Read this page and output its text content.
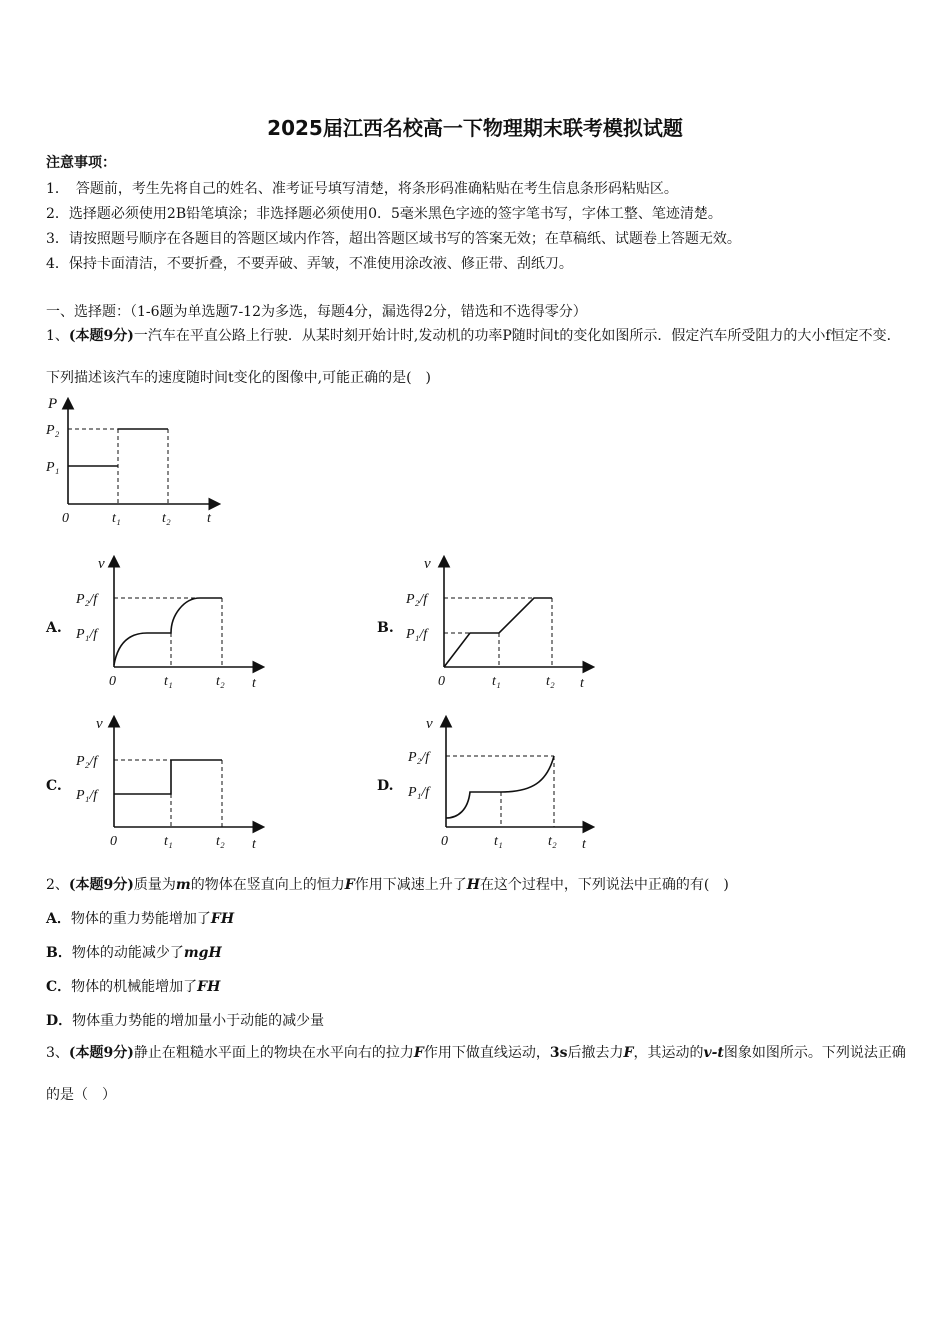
2025届江西名校高一下物理期末联考模拟试题
注意事项：
1．　答题前，考生先将自己的姓名、准考证号填写清楚，将条形码准确粘贴在考生信息条形码粘贴区。
2．选择题必须使用2B铅笔填涂；非选择题必须使用0．5毫米黑色字迹的签字笔书写，字体工整、笔迹清楚。
3．请按照题号顺序在各题目的答题区域内作答，超出答题区域书写的答案无效；在草稿纸、试题卷上答题无效。
4．保持卡面清洁，不要折叠，不要弄破、弄皱，不准使用涂改液、修正带、刮纸刀。
一、选择题：（1-6题为单选题7-12为多选，每题4分，漏选得2分，错选和不选得零分）
1、(本题9分)一汽车在平直公路上行驶．从某时刻开始计时,发动机的功率P随时间t的变化如图所示．假定汽车所受阻力的大小f恒定不变．下列描述该汽车的速度随时间t变化的图像中,可能正确的是(　)
P
P₂
P₁
0	t₁	t₂	t
A.
v
P₂/f
P₁/f
0	t₁	t₂ t
B.
v
P₂/f
P₁/f
0	t₁	t₂ t
C.
v
P₂/f
P₁/f
0	t₁	t₂ t
D.
v
P₂/f
P₁/f
0	t₁	t₂ t
2、(本题9分)质量为m的物体在竖直向上的恒力F作用下减速上升了H在这个过程中，下列说法中正确的有(　)
A．物体的重力势能增加了FH
B．物体的动能减少了mgH
C．物体的机械能增加了FH
D．物体重力势能的增加量小于动能的减少量
3、(本题9分)静止在粗糙水平面上的物块在水平向右的拉力F作用下做直线运动，3s后撤去力F，其运动的v-t图象如图所示。下列说法正确的是（　）
